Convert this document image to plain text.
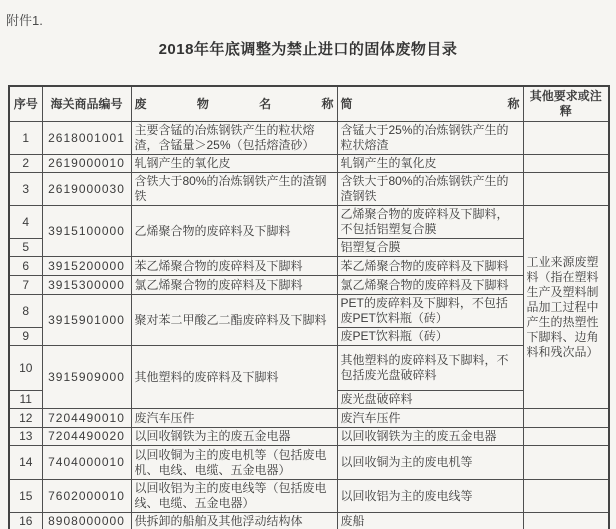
附件1.
2018年年底调整为禁止进口的固体废物目录
序号	海关商品编号	废　物　名　称	简　称	其他要求或注释
1	2618001001	主要含锰的冶炼钢铁产生的粒状熔渣，含锰量＞25%（包括熔渣砂）	含锰大于25%的冶炼钢铁产生的粒状熔渣	
2	2619000010	轧钢产生的氧化皮	轧钢产生的氧化皮	
3	2619000030	含铁大于80%的冶炼钢铁产生的渣钢铁	含铁大于80%的冶炼钢铁产生的渣钢铁	
4	3915100000	乙烯聚合物的废碎料及下脚料	乙烯聚合物的废碎料及下脚料，不包括铝塑复合膜	工业来源废塑料（指在塑料生产及塑料制品加工过程中产生的热塑性下脚料、边角料和残次品）
5			铝塑复合膜	
6	3915200000	苯乙烯聚合物的废碎料及下脚料	苯乙烯聚合物的废碎料及下脚料	
7	3915300000	氯乙烯聚合物的废碎料及下脚料	氯乙烯聚合物的废碎料及下脚料	
8	3915901000	聚对苯二甲酸乙二酯废碎料及下脚料	PET的废碎料及下脚料，不包括废PET饮料瓶（砖）	
9			废PET饮料瓶（砖）	
10	3915909000	其他塑料的废碎料及下脚料	其他塑料的废碎料及下脚料，不包括废光盘破碎料	
11			废光盘破碎料	
12	7204490010	废汽车压件	废汽车压件	
13	7204490020	以回收钢铁为主的废五金电器	以回收钢铁为主的废五金电器	
14	7404000010	以回收铜为主的废电机等（包括废电机、电线、电缆、五金电器）	以回收铜为主的废电机等	
15	7602000010	以回收铝为主的废电线等（包括废电线、电缆、五金电器）	以回收铝为主的废电线等	
16	8908000000	供拆卸的船舶及其他浮动结构体	废船	
